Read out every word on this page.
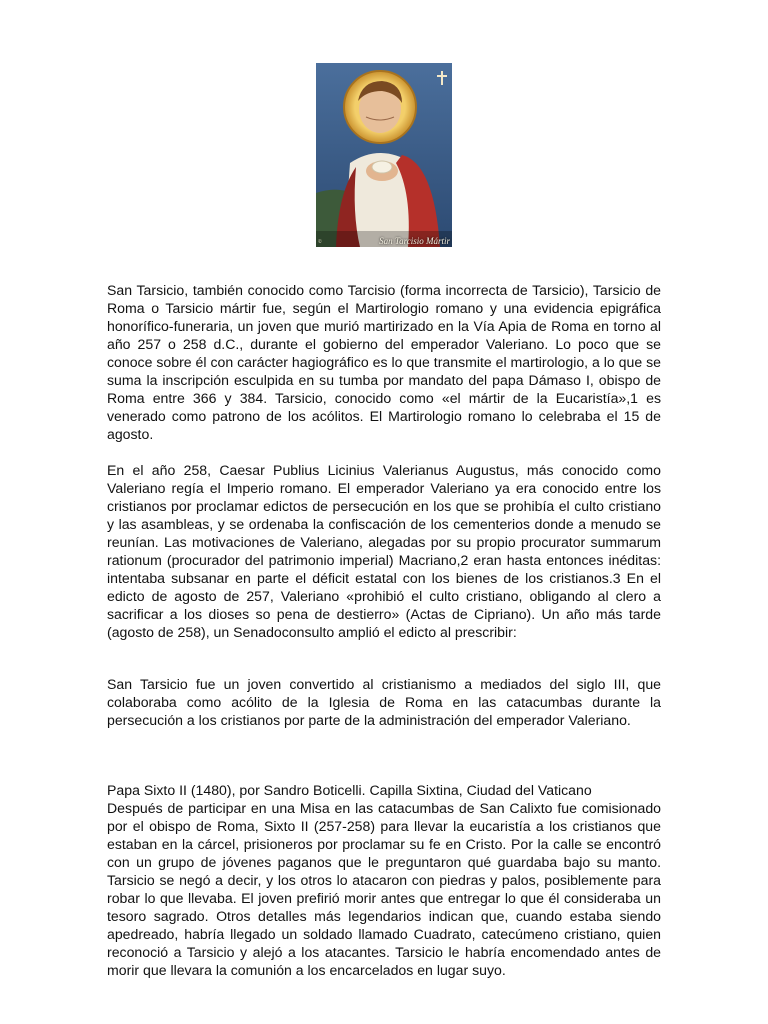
©	San Tarcisio Mártir

San Tarsicio, también conocido como Tarcisio (forma incorrecta de Tarsicio), Tarsicio de Roma o Tarsicio mártir fue, según el Martirologio romano y una evidencia epigráfica honorífico-funeraria, un joven que murió martirizado en la Vía Apia de Roma en torno al año 257 o 258 d.C., durante el gobierno del emperador Valeriano. Lo poco que se conoce sobre él con carácter hagiográfico es lo que transmite el martirologio, a lo que se suma la inscripción esculpida en su tumba por mandato del papa Dámaso I, obispo de Roma entre 366 y 384. Tarsicio, conocido como «el mártir de la Eucaristía»,1 es venerado como patrono de los acólitos. El Martirologio romano lo celebraba el 15 de agosto.

En el año 258, Caesar Publius Licinius Valerianus Augustus, más conocido como Valeriano regía el Imperio romano. El emperador Valeriano ya era conocido entre los cristianos por proclamar edictos de persecución en los que se prohibía el culto cristiano y las asambleas, y se ordenaba la confiscación de los cementerios donde a menudo se reunían. Las motivaciones de Valeriano, alegadas por su propio procurator summarum rationum (procurador del patrimonio imperial) Macriano,2 eran hasta entonces inéditas: intentaba subsanar en parte el déficit estatal con los bienes de los cristianos.3 En el edicto de agosto de 257, Valeriano «prohibió el culto cristiano, obligando al clero a sacrificar a los dioses so pena de destierro» (Actas de Cipriano). Un año más tarde (agosto de 258), un Senadoconsulto amplió el edicto al prescribir:

San Tarsicio fue un joven convertido al cristianismo a mediados del siglo III, que colaboraba como acólito de la Iglesia de Roma en las catacumbas durante la persecución a los cristianos por parte de la administración del emperador Valeriano.

Papa Sixto II (1480), por Sandro Boticelli. Capilla Sixtina, Ciudad del Vaticano
Después de participar en una Misa en las catacumbas de San Calixto fue comisionado por el obispo de Roma, Sixto II (257-258) para llevar la eucaristía a los cristianos que estaban en la cárcel, prisioneros por proclamar su fe en Cristo. Por la calle se encontró con un grupo de jóvenes paganos que le preguntaron qué guardaba bajo su manto. Tarsicio se negó a decir, y los otros lo atacaron con piedras y palos, posiblemente para robar lo que llevaba. El joven prefirió morir antes que entregar lo que él consideraba un tesoro sagrado. Otros detalles más legendarios indican que, cuando estaba siendo apedreado, habría llegado un soldado llamado Cuadrato, catecúmeno cristiano, quien reconoció a Tarsicio y alejó a los atacantes. Tarsicio le habría encomendado antes de morir que llevara la comunión a los encarcelados en lugar suyo.
